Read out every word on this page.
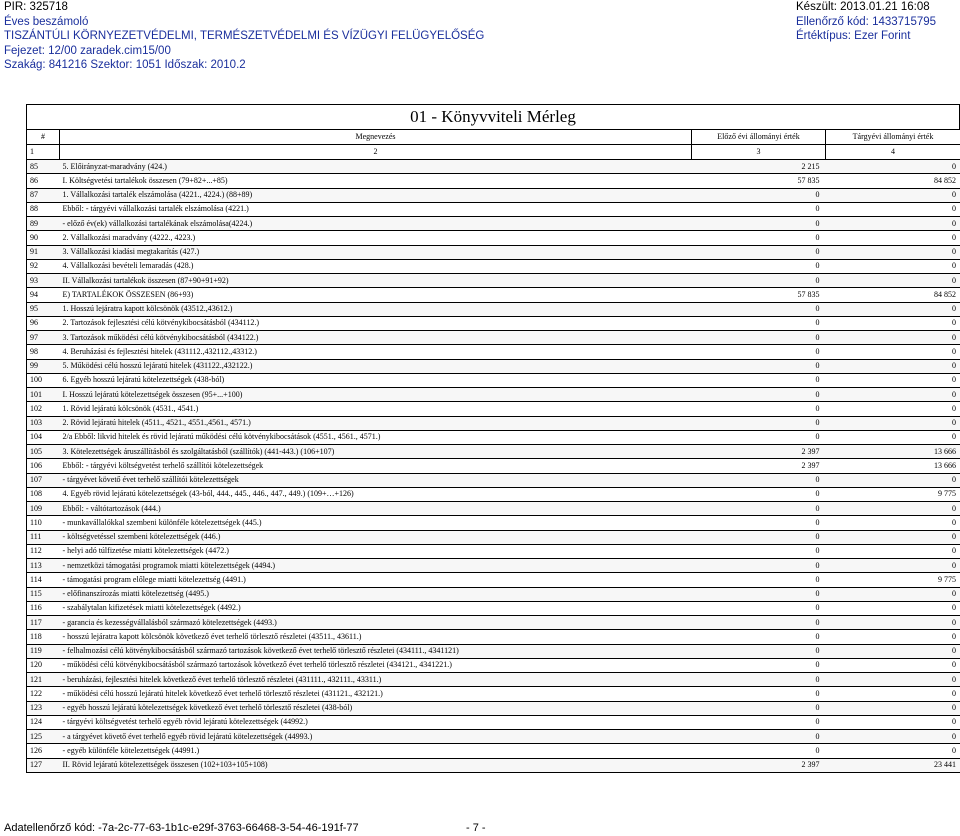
PIR: 325718	Készült: 2013.01.21 16:08
Éves beszámoló	Ellenőrző kód: 1433715795
TISZÁNTÚLI KÖRNYEZETVÉDELMI, TERMÉSZETVÉDELMI ÉS VÍZÜGYI FELÜGYELŐSÉG	Értéktípus: Ezer Forint
Fejezet: 12/00 zaradek.cim15/00
Szakág: 841216 Szektor: 1051 Időszak: 2010.2
01 - Könyvviteli Mérleg
#	Megnevezés	Előző évi állományi érték	Tárgyévi állományi érték
1	2	3	4
85	5. Előirányzat-maradvány (424.)	2 215	0
86	I. Költségvetési tartalékok összesen (79+82+...+85)	57 835	84 852
87	1. Vállalkozási tartalék elszámolása (4221., 4224.) (88+89)	0	0
88	Ebből: - tárgyévi vállalkozási tartalék elszámolása (4221.)	0	0
89	- előző év(ek) vállalkozási tartalékának elszámolása(4224.)	0	0
90	2. Vállalkozási maradvány (4222., 4223.)	0	0
91	3. Vállalkozási kiadási megtakarítás (427.)	0	0
92	4. Vállalkozási bevételi lemaradás (428.)	0	0
93	II. Vállalkozási tartalékok összesen (87+90+91+92)	0	0
94	E) TARTALÉKOK ÖSSZESEN (86+93)	57 835	84 852
95	1. Hosszú lejáratra kapott kölcsönök (43512.,43612.)	0	0
96	2. Tartozások fejlesztési célú kötvénykibocsátásból (434112.)	0	0
97	3. Tartozások működési célú kötvénykibocsátásból (434122.)	0	0
98	4. Beruházási és fejlesztési hitelek (431112.,432112.,43312.)	0	0
99	5. Működési célú hosszú lejáratú hitelek (431122.,432122.)	0	0
100	6. Egyéb hosszú lejáratú kötelezettségek (438-ból)	0	0
101	I. Hosszú lejáratú kötelezettségek összesen (95+...+100)	0	0
102	1. Rövid lejáratú kölcsönök (4531., 4541.)	0	0
103	2. Rövid lejáratú hitelek (4511., 4521., 4551.,4561., 4571.)	0	0
104	2/a Ebből: likvid hitelek és rövid lejáratú működési célú kötvénykibocsátások (4551., 4561., 4571.)	0	0
105	3. Kötelezettségek áruszállításból és szolgáltatásból (szállítók) (441-443.) (106+107)	2 397	13 666
106	Ebből: - tárgyévi költségvetést terhelő szállítói kötelezettségek	2 397	13 666
107	- tárgyévet követő évet terhelő szállítói kötelezettségek	0	0
108	4. Egyéb rövid lejáratú kötelezettségek (43-ból, 444., 445., 446., 447., 449.) (109+…+126)	0	9 775
109	Ebből: - váltótartozások (444.)	0	0
110	- munkavállalókkal szembeni különféle kötelezettségek (445.)	0	0
111	- költségvetéssel szembeni kötelezettségek (446.)	0	0
112	- helyi adó túlfizetése miatti kötelezettségek (4472.)	0	0
113	- nemzetközi támogatási programok miatti kötelezettségek (4494.)	0	0
114	- támogatási program előlege miatti kötelezettség (4491.)	0	9 775
115	- előfinanszírozás miatti kötelezettség (4495.)	0	0
116	- szabálytalan kifizetések miatti kötelezettségek (4492.)	0	0
117	- garancia és kezességvállalásból származó kötelezettségek (4493.)	0	0
118	- hosszú lejáratra kapott kölcsönök következő évet terhelő törlesztő részletei (43511., 43611.)	0	0
119	- felhalmozási célú kötvénykibocsátásból származó tartozások következő évet terhelő törlesztő részletei (434111., 4341121)	0	0
120	- működési célú kötvénykibocsátásból származó tartozások következő évet terhelő törlesztő részletei (434121., 4341221.)	0	0
121	- beruházási, fejlesztési hitelek következő évet terhelő törlesztő részletei (431111., 432111., 43311.)	0	0
122	- működési célú hosszú lejáratú hitelek következő évet terhelő törlesztő részletei (431121., 432121.)	0	0
123	- egyéb hosszú lejáratú kötelezettségek következő évet terhelő törlesztő részletei (438-ból)	0	0
124	- tárgyévi költségvetést terhelő egyéb rövid lejáratú kötelezettségek (44992.)	0	0
125	- a tárgyévet követő évet terhelő egyéb rövid lejáratú kötelezettségek (44993.)	0	0
126	- egyéb különféle kötelezettségek (44991.)	0	0
127	II. Rövid lejáratú kötelezettségek összesen (102+103+105+108)	2 397	23 441
Adatellenőrző kód: -7a-2c-77-63-1b1c-e29f-3763-66468-3-54-46-191f-77	- 7 -
